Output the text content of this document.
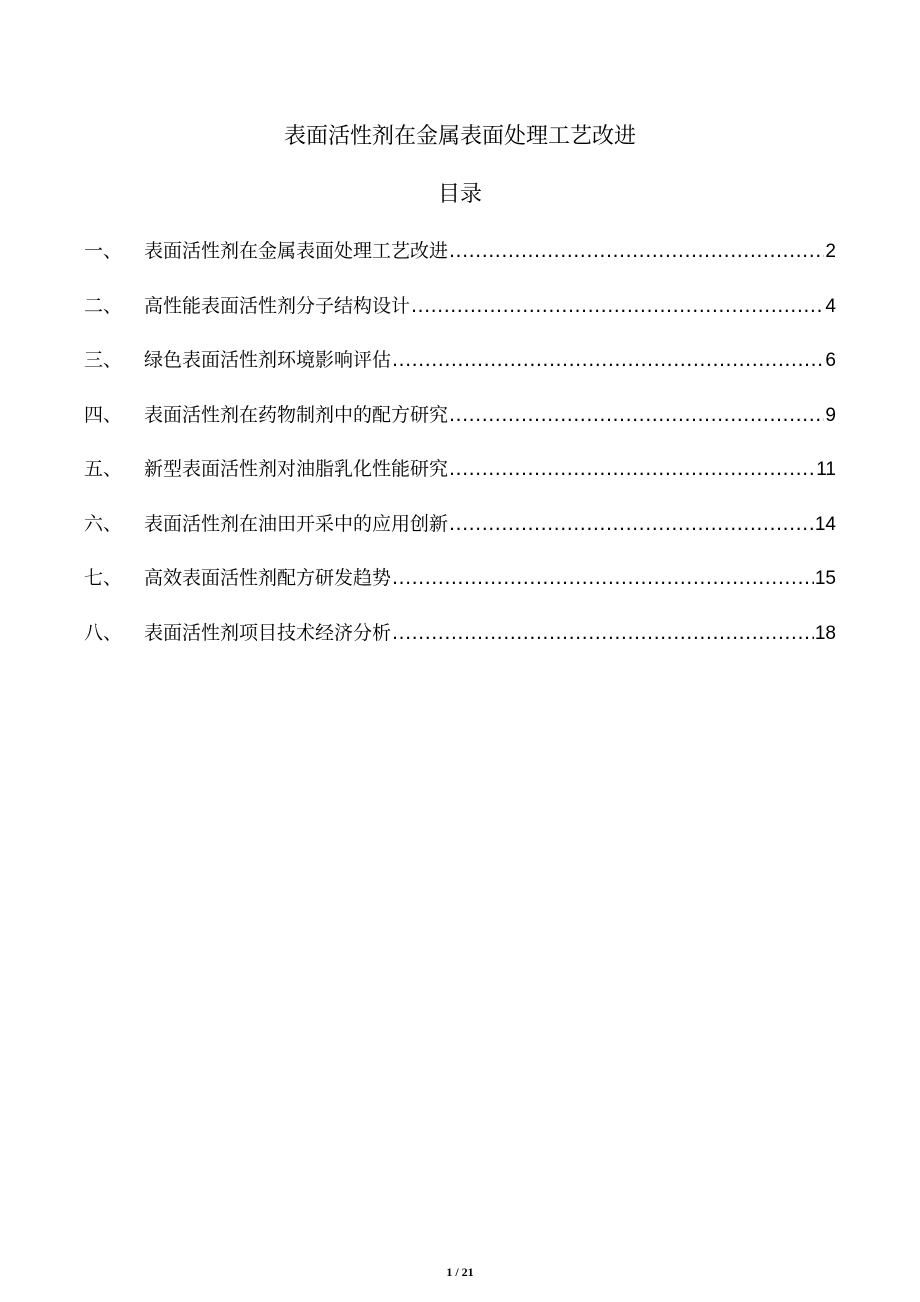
表面活性剂在金属表面处理工艺改进
目录
一、	表面活性剂在金属表面处理工艺改进 .....	2
二、	高性能表面活性剂分子结构设计 .....	4
三、	绿色表面活性剂环境影响评估 .....	6
四、	表面活性剂在药物制剂中的配方研究 .....	9
五、	新型表面活性剂对油脂乳化性能研究 .....	11
六、	表面活性剂在油田开采中的应用创新 .....	14
七、	高效表面活性剂配方研发趋势 .....	15
八、	表面活性剂项目技术经济分析 .....	18
1 / 21
